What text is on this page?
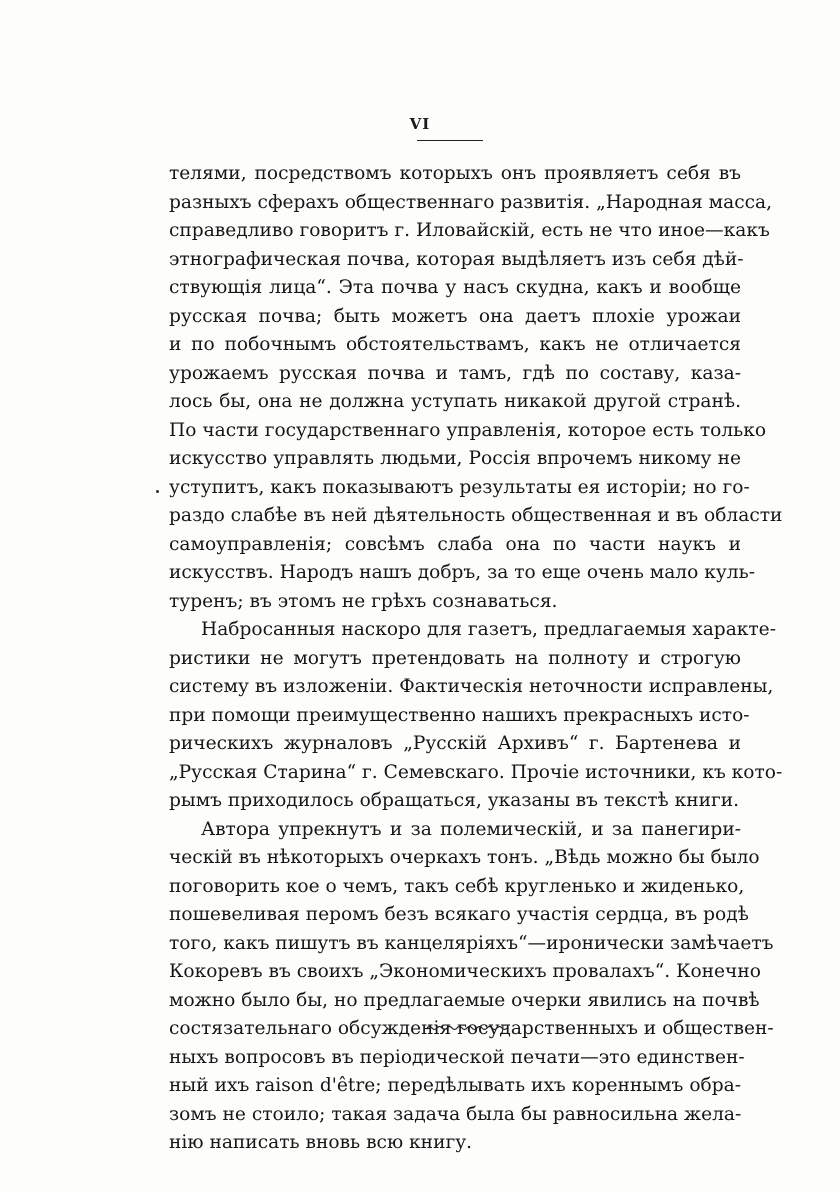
VI
телями, посредствомъ которыхъ онъ проявляетъ себя въ
разныхъ сферахъ общественнаго развитія. „Народная масса,
справедливо говоритъ г. Иловайскій, есть не что иное—какъ
этнографическая почва, которая выдѣляетъ изъ себя дѣй-
ствующія лица“. Эта почва у насъ скудна, какъ и вообще
русская почва; быть можетъ она даетъ плохіе урожаи
и по побочнымъ обстоятельствамъ, какъ не отличается
урожаемъ русская почва и тамъ, гдѣ по составу, каза-
лось бы, она не должна уступать никакой другой странѣ.
По части государственнаго управленія, которое есть только
искусство управлять людьми, Россія впрочемъ никому не
уступитъ, какъ показываютъ результаты ея исторіи; но го-
раздо слабѣе въ ней дѣятельность общественная и въ области
самоуправленія; совсѣмъ слаба она по части наукъ и
искусствъ. Народъ нашъ добръ, за то еще очень мало куль-
туренъ; въ этомъ не грѣхъ сознаваться.
Набросанныя наскоро для газетъ, предлагаемыя характе-
ристики не могутъ претендовать на полноту и строгую
систему въ изложеніи. Фактическія неточности исправлены,
при помощи преимущественно нашихъ прекрасныхъ исто-
рическихъ журналовъ „Русскій Архивъ“ г. Бартенева и
„Русская Старина“ г. Семевскаго. Прочіе источники, къ кото-
рымъ приходилось обращаться, указаны въ текстѣ книги.
Автора упрекнутъ и за полемическій, и за панегири-
ческій въ нѣкоторыхъ очеркахъ тонъ. „Вѣдь можно бы было
поговорить кое о чемъ, такъ себѣ кругленько и жиденько,
пошевеливая перомъ безъ всякаго участія сердца, въ родѣ
того, какъ пишутъ въ канцеляріяхъ“—иронически замѣчаетъ
Кокоревъ въ своихъ „Экономическихъ провалахъ“. Конечно
можно было бы, но предлагаемые очерки явились на почвѣ
состязательнаго обсужденія государственныхъ и обществен-
ныхъ вопросовъ въ періодической печати—это единствен-
ный ихъ raison d'être; передѣлывать ихъ кореннымъ обра-
зомъ не стоило; такая задача была бы равносильна жела-
нію написать вновь всю книгу.
